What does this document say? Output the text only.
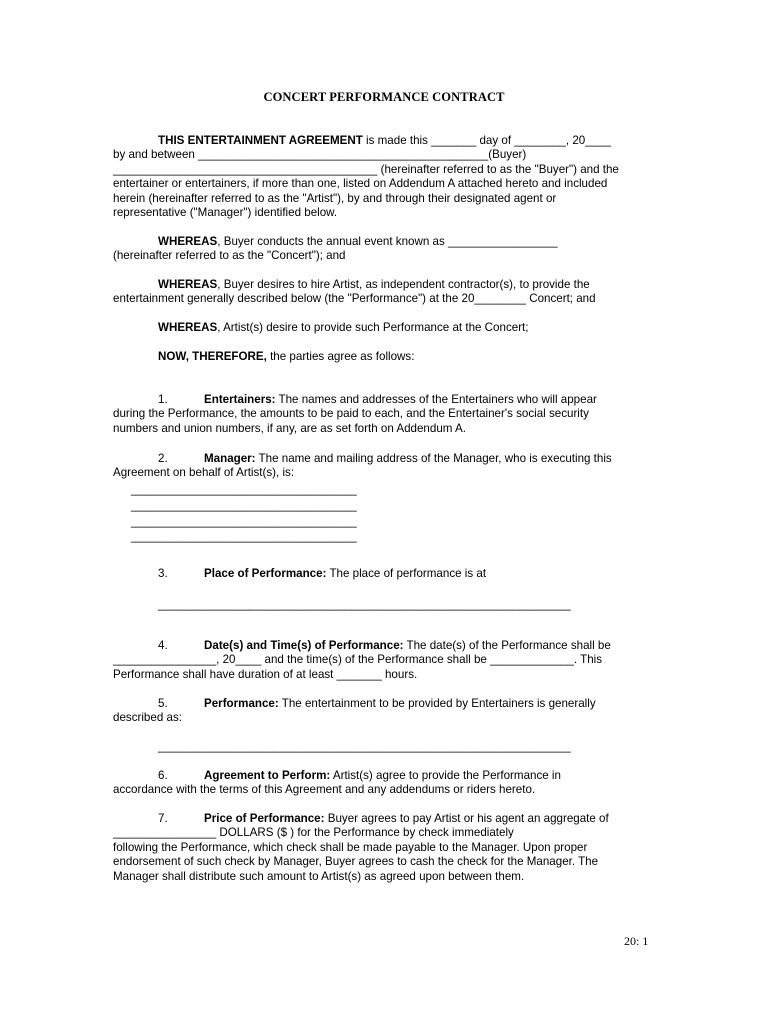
CONCERT PERFORMANCE CONTRACT
THIS ENTERTAINMENT AGREEMENT is made this _______ day of ________, 20____
by and between _____________________________________________(Buyer)
_________________________________________ (hereinafter referred to as the "Buyer") and the
entertainer or entertainers, if more than one, listed on Addendum A attached hereto and included
herein (hereinafter referred to as the "Artist"), by and through their designated agent or
representative ("Manager") identified below.
WHEREAS, Buyer conducts the annual event known as _________________
(hereinafter referred to as the "Concert"); and
WHEREAS, Buyer desires to hire Artist, as independent contractor(s), to provide the
entertainment generally described below (the "Performance") at the 20________ Concert; and
WHEREAS, Artist(s) desire to provide such Performance at the Concert;
NOW, THEREFORE, the parties agree as follows:
1.	Entertainers: The names and addresses of the Entertainers who will appear
during the Performance, the amounts to be paid to each, and the Entertainer's social security
numbers and union numbers, if any, are as set forth on Addendum A.
2.	Manager: The name and mailing address of the Manager, who is executing this
Agreement on behalf of Artist(s), is:
___________________________________
___________________________________
___________________________________
___________________________________
3.	Place of Performance: The place of performance is at
________________________________________________________________
4.	Date(s) and Time(s) of Performance: The date(s) of the Performance shall be
________________, 20____ and the time(s) of the Performance shall be _____________. This
Performance shall have duration of at least _______ hours.
5.	Performance: The entertainment to be provided by Entertainers is generally
described as:
________________________________________________________________
6.	Agreement to Perform: Artist(s) agree to provide the Performance in
accordance with the terms of this Agreement and any addendums or riders hereto.
7.	Price of Performance: Buyer agrees to pay Artist or his agent an aggregate of
________________ DOLLARS ($ ) for the Performance by check immediately
following the Performance, which check shall be made payable to the Manager. Upon proper
endorsement of such check by Manager, Buyer agrees to cash the check for the Manager. The
Manager shall distribute such amount to Artist(s) as agreed upon between them.
20: 1
